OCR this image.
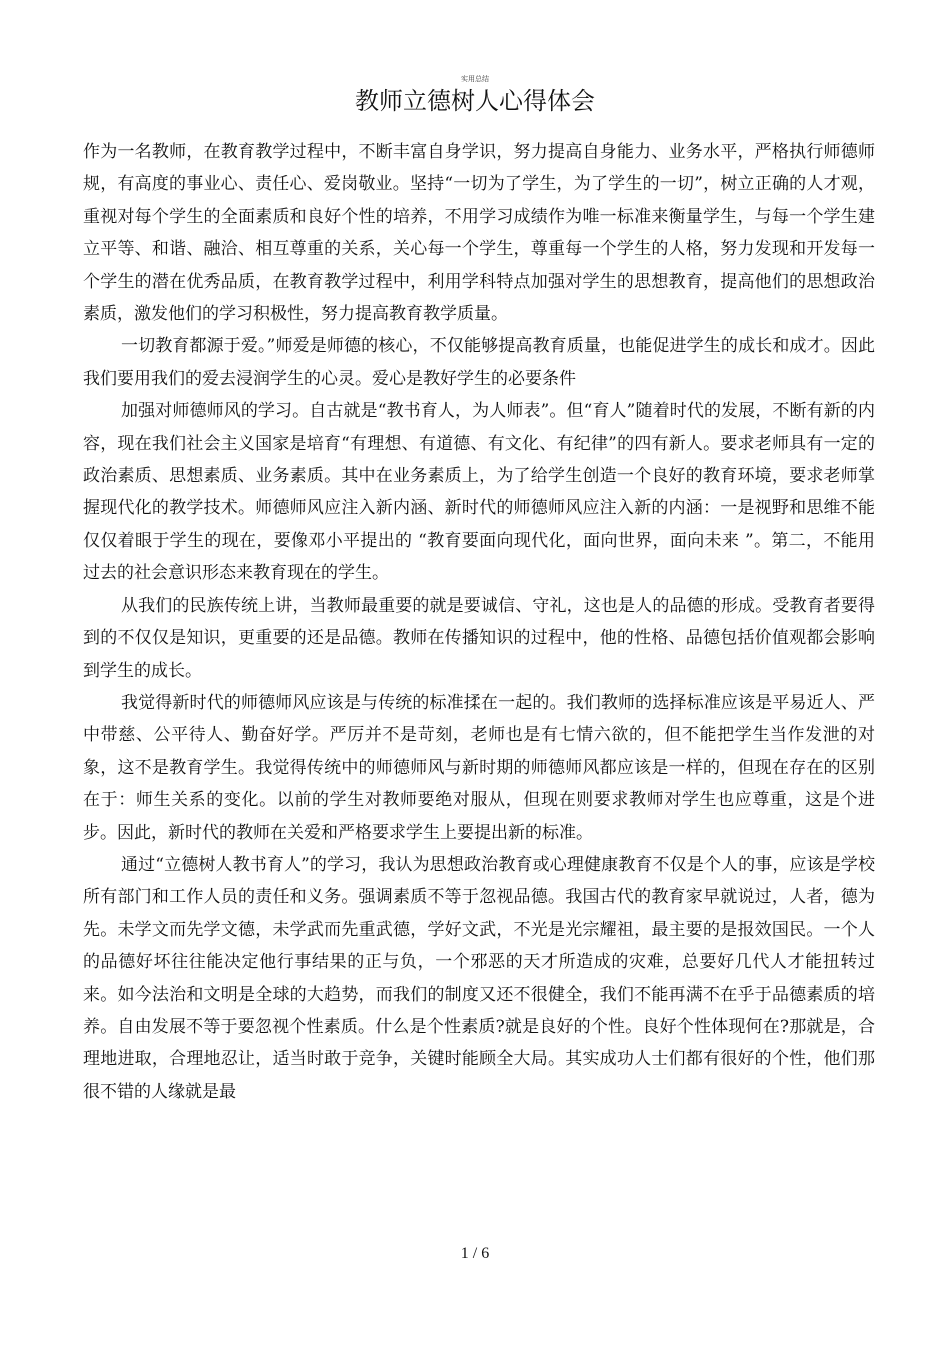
实用总结
教师立德树人心得体会

作为一名教师，在教育教学过程中，不断丰富自身学识，努力提高自身能力、业务水平，严格执行师德师规，有高度的事业心、责任心、爱岗敬业。坚持“一切为了学生，为了学生的一切”，树立正确的人才观，重视对每个学生的全面素质和良好个性的培养，不用学习成绩作为唯一标准来衡量学生，与每一个学生建立平等、和谐、融洽、相互尊重的关系，关心每一个学生，尊重每一个学生的人格，努力发现和开发每一个学生的潜在优秀品质，在教育教学过程中，利用学科特点加强对学生的思想教育，提高他们的思想政治素质，激发他们的学习积极性，努力提高教育教学质量。

一切教育都源于爱。”师爱是师德的核心，不仅能够提高教育质量，也能促进学生的成长和成才。因此我们要用我们的爱去浸润学生的心灵。爱心是教好学生的必要条件

加强对师德师风的学习。自古就是“教书育人，为人师表”。但“育人”随着时代的发展，不断有新的内容，现在我们社会主义国家是培育“有理想、有道德、有文化、有纪律”的四有新人。要求老师具有一定的政治素质、思想素质、业务素质。其中在业务素质上，为了给学生创造一个良好的教育环境，要求老师掌握现代化的教学技术。师德师风应注入新内涵、新时代的师德师风应注入新的内涵：一是视野和思维不能仅仅着眼于学生的现在，要像邓小平提出的 “教育要面向现代化，面向世界，面向未来 ”。第二，不能用过去的社会意识形态来教育现在的学生。

从我们的民族传统上讲，当教师最重要的就是要诚信、守礼，这也是人的品德的形成。受教育者要得到的不仅仅是知识，更重要的还是品德。教师在传播知识的过程中，他的性格、品德包括价值观都会影响到学生的成长。

我觉得新时代的师德师风应该是与传统的标准揉在一起的。我们教师的选择标准应该是平易近人、严中带慈、公平待人、勤奋好学。严厉并不是苛刻，老师也是有七情六欲的，但不能把学生当作发泄的对象，这不是教育学生。我觉得传统中的师德师风与新时期的师德师风都应该是一样的，但现在存在的区别在于：师生关系的变化。以前的学生对教师要绝对服从，但现在则要求教师对学生也应尊重，这是个进步。因此，新时代的教师在关爱和严格要求学生上要提出新的标准。

通过“立德树人教书育人”的学习，我认为思想政治教育或心理健康教育不仅是个人的事，应该是学校所有部门和工作人员的责任和义务。强调素质不等于忽视品德。我国古代的教育家早就说过，人者，德为先。未学文而先学文德，未学武而先重武德，学好文武，不光是光宗耀祖，最主要的是报效国民。一个人的品德好坏往往能决定他行事结果的正与负，一个邪恶的天才所造成的灾难，总要好几代人才能扭转过来。如今法治和文明是全球的大趋势，而我们的制度又还不很健全，我们不能再满不在乎于品德素质的培养。自由发展不等于要忽视个性素质。什么是个性素质?就是良好的个性。良好个性体现何在?那就是，合理地进取，合理地忍让，适当时敢于竞争，关键时能顾全大局。其实成功人士们都有很好的个性，他们那很不错的人缘就是最

1 / 6
